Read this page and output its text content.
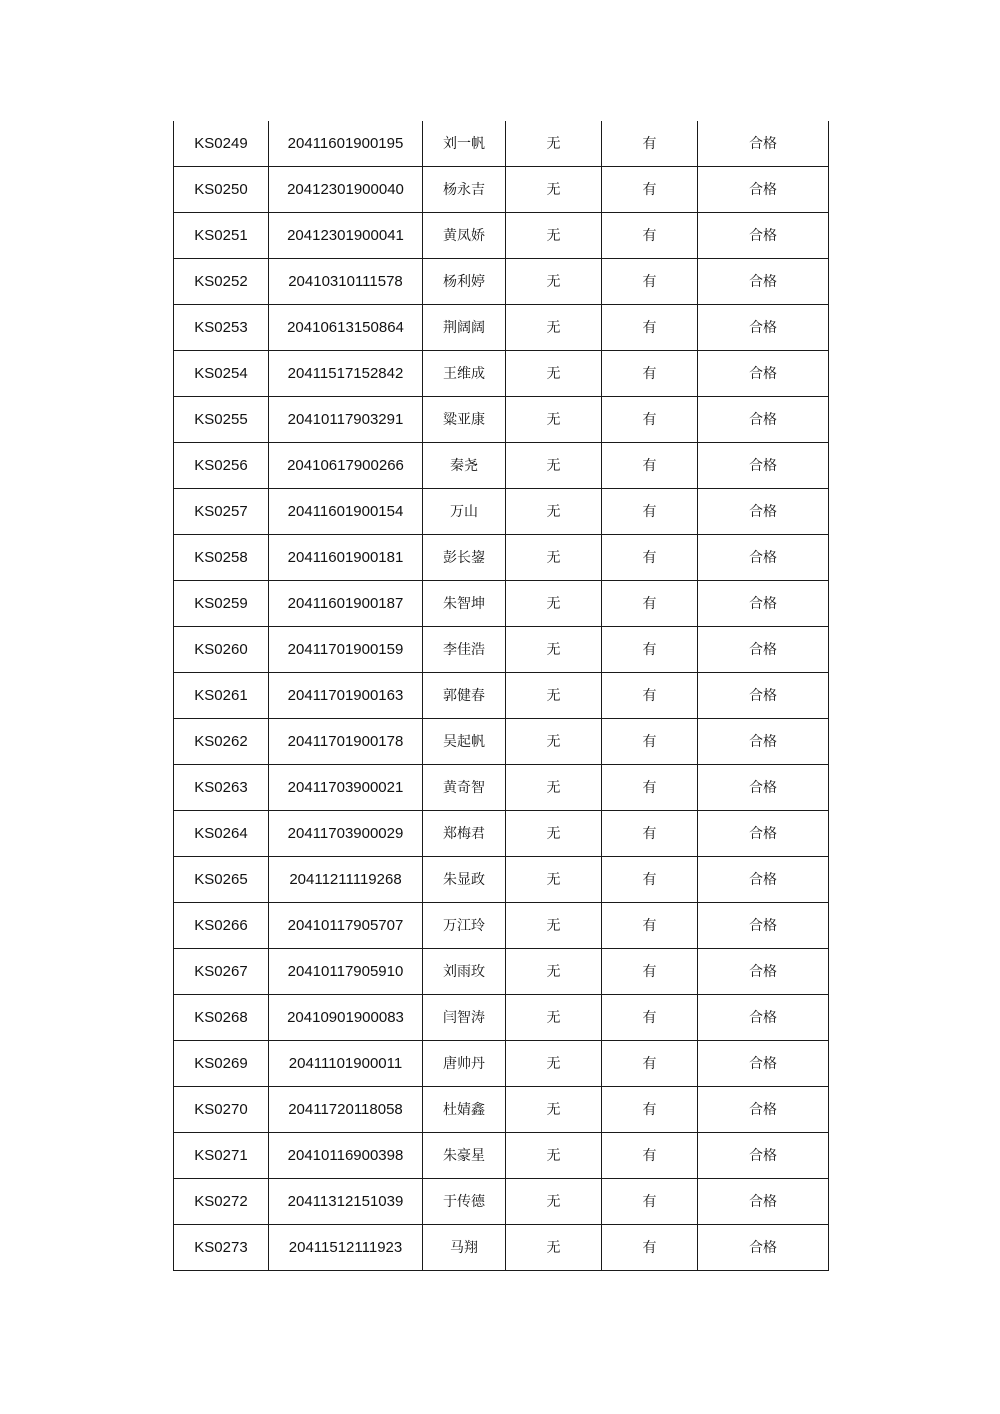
KS0249	20411601900195	刘一帆	无	有	合格
KS0250	20412301900040	杨永吉	无	有	合格
KS0251	20412301900041	黄凤娇	无	有	合格
KS0252	20410310111578	杨利婷	无	有	合格
KS0253	20410613150864	荆阔阔	无	有	合格
KS0254	20411517152842	王维成	无	有	合格
KS0255	20410117903291	粱亚康	无	有	合格
KS0256	20410617900266	秦尧	无	有	合格
KS0257	20411601900154	万山	无	有	合格
KS0258	20411601900181	彭长鋆	无	有	合格
KS0259	20411601900187	朱智坤	无	有	合格
KS0260	20411701900159	李佳浩	无	有	合格
KS0261	20411701900163	郭健春	无	有	合格
KS0262	20411701900178	吴起帆	无	有	合格
KS0263	20411703900021	黄奇智	无	有	合格
KS0264	20411703900029	郑梅君	无	有	合格
KS0265	20411211119268	朱显政	无	有	合格
KS0266	20410117905707	万江玲	无	有	合格
KS0267	20410117905910	刘雨玫	无	有	合格
KS0268	20410901900083	闫智涛	无	有	合格
KS0269	20411101900011	唐帅丹	无	有	合格
KS0270	20411720118058	杜婧鑫	无	有	合格
KS0271	20410116900398	朱豪星	无	有	合格
KS0272	20411312151039	于传德	无	有	合格
KS0273	20411512111923	马翔	无	有	合格
